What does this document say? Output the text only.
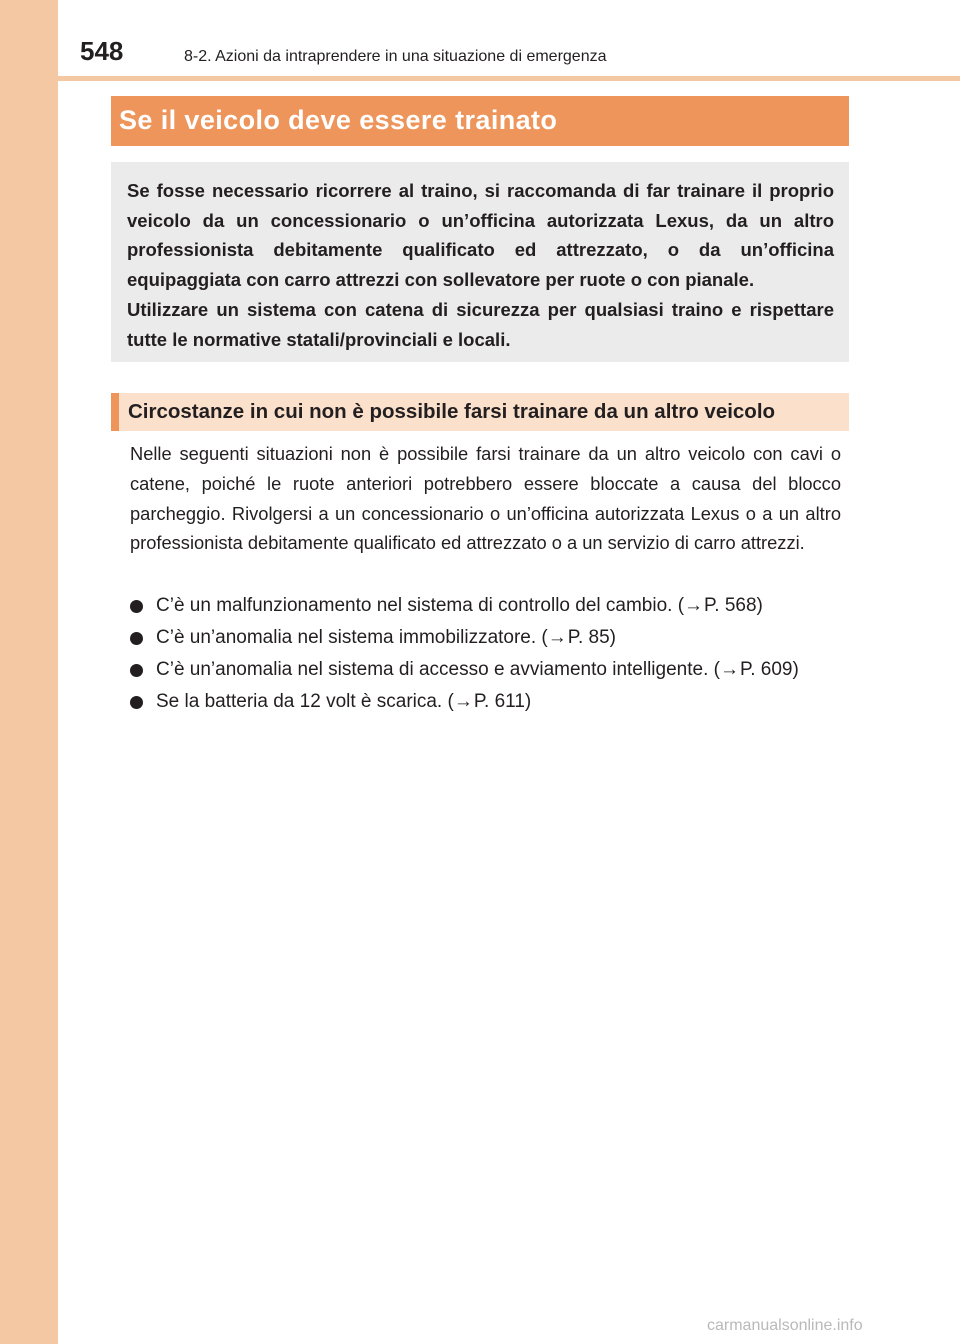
548	8-2. Azioni da intraprendere in una situazione di emergenza
Se il veicolo deve essere trainato

Se fosse necessario ricorrere al traino, si raccomanda di far trainare il proprio veicolo da un concessionario o un’officina autorizzata Lexus, da un altro professionista debitamente qualificato ed attrezzato, o da un’officina equipaggiata con carro attrezzi con sollevatore per ruote o con pianale.

Utilizzare un sistema con catena di sicurezza per qualsiasi traino e rispettare tutte le normative statali/provinciali e locali.

Circostanze in cui non è possibile farsi trainare da un altro veicolo

Nelle seguenti situazioni non è possibile farsi trainare da un altro veicolo con cavi o catene, poiché le ruote anteriori potrebbero essere bloccate a causa del blocco parcheggio. Rivolgersi a un concessionario o un’officina autorizzata Lexus o a un altro professionista debitamente qualificato ed attrezzato o a un servizio di carro attrezzi.

C’è un malfunzionamento nel sistema di controllo del cambio. (→P. 568)
C’è un’anomalia nel sistema immobilizzatore. (→P. 85)
C’è un’anomalia nel sistema di accesso e avviamento intelligente. (→P. 609)
Se la batteria da 12 volt è scarica. (→P. 611)
carmanualsonline.info
